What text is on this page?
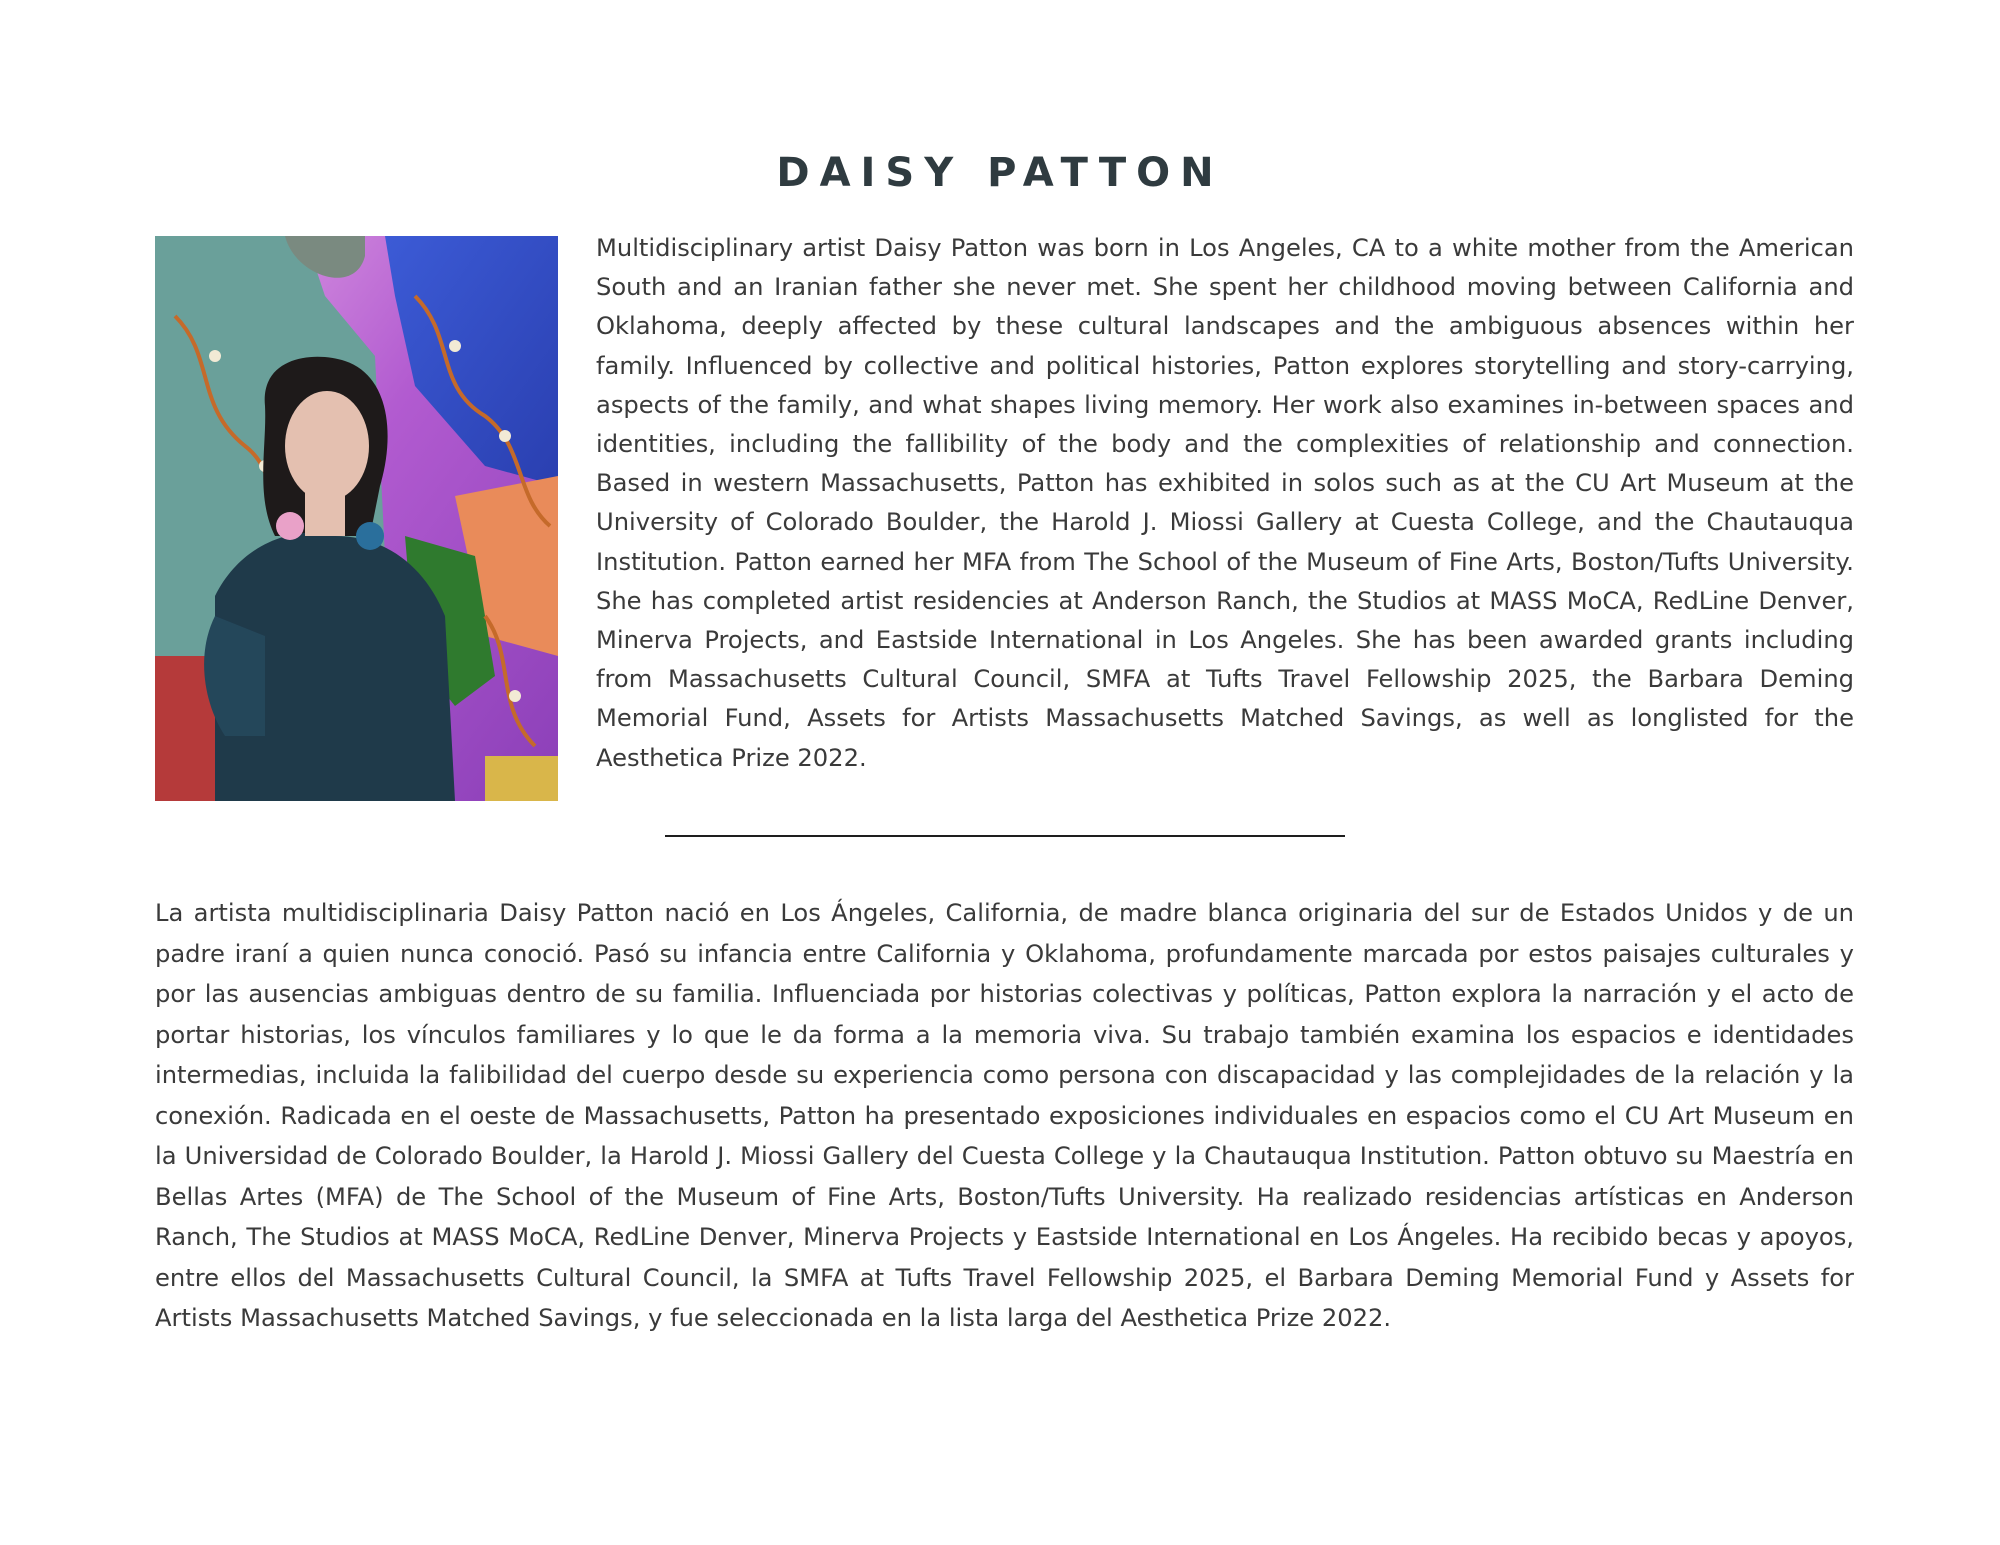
DAISY PATTON

Multidisciplinary artist Daisy Patton was born in Los Angeles, CA to a white mother from the American South and an Iranian father she never met. She spent her childhood moving between California and Oklahoma, deeply affected by these cultural landscapes and the ambiguous absences within her family. Influenced by collective and political histories, Patton explores storytelling and story-carrying, aspects of the family, and what shapes living memory. Her work also examines in-between spaces and identities, including the fallibility of the body and the complexities of relationship and connection. Based in western Massachusetts, Patton has exhibited in solos such as at the CU Art Museum at the University of Colorado Boulder, the Harold J. Miossi Gallery at Cuesta College, and the Chautauqua Institution. Patton earned her MFA from The School of the Museum of Fine Arts, Boston/Tufts University. She has completed artist residencies at Anderson Ranch, the Studios at MASS MoCA, RedLine Denver, Minerva Projects, and Eastside International in Los Angeles. She has been awarded grants including from Massachusetts Cultural Council, SMFA at Tufts Travel Fellowship 2025, the Barbara Deming Memorial Fund, Assets for Artists Massachusetts Matched Savings, as well as longlisted for the Aesthetica Prize 2022.

La artista multidisciplinaria Daisy Patton nació en Los Ángeles, California, de madre blanca originaria del sur de Estados Unidos y de un padre iraní a quien nunca conoció. Pasó su infancia entre California y Oklahoma, profundamente marcada por estos paisajes culturales y por las ausencias ambiguas dentro de su familia. Influenciada por historias colectivas y políticas, Patton explora la narración y el acto de portar historias, los vínculos familiares y lo que le da forma a la memoria viva. Su trabajo también examina los espacios e identidades intermedias, incluida la falibilidad del cuerpo desde su experiencia como persona con discapacidad y las complejidades de la relación y la conexión. Radicada en el oeste de Massachusetts, Patton ha presentado exposiciones individuales en espacios como el CU Art Museum en la Universidad de Colorado Boulder, la Harold J. Miossi Gallery del Cuesta College y la Chautauqua Institution. Patton obtuvo su Maestría en Bellas Artes (MFA) de The School of the Museum of Fine Arts, Boston/Tufts University. Ha realizado residencias artísticas en Anderson Ranch, The Studios at MASS MoCA, RedLine Denver, Minerva Projects y Eastside International en Los Ángeles. Ha recibido becas y apoyos, entre ellos del Massachusetts Cultural Council, la SMFA at Tufts Travel Fellowship 2025, el Barbara Deming Memorial Fund y Assets for Artists Massachusetts Matched Savings, y fue seleccionada en la lista larga del Aesthetica Prize 2022.
